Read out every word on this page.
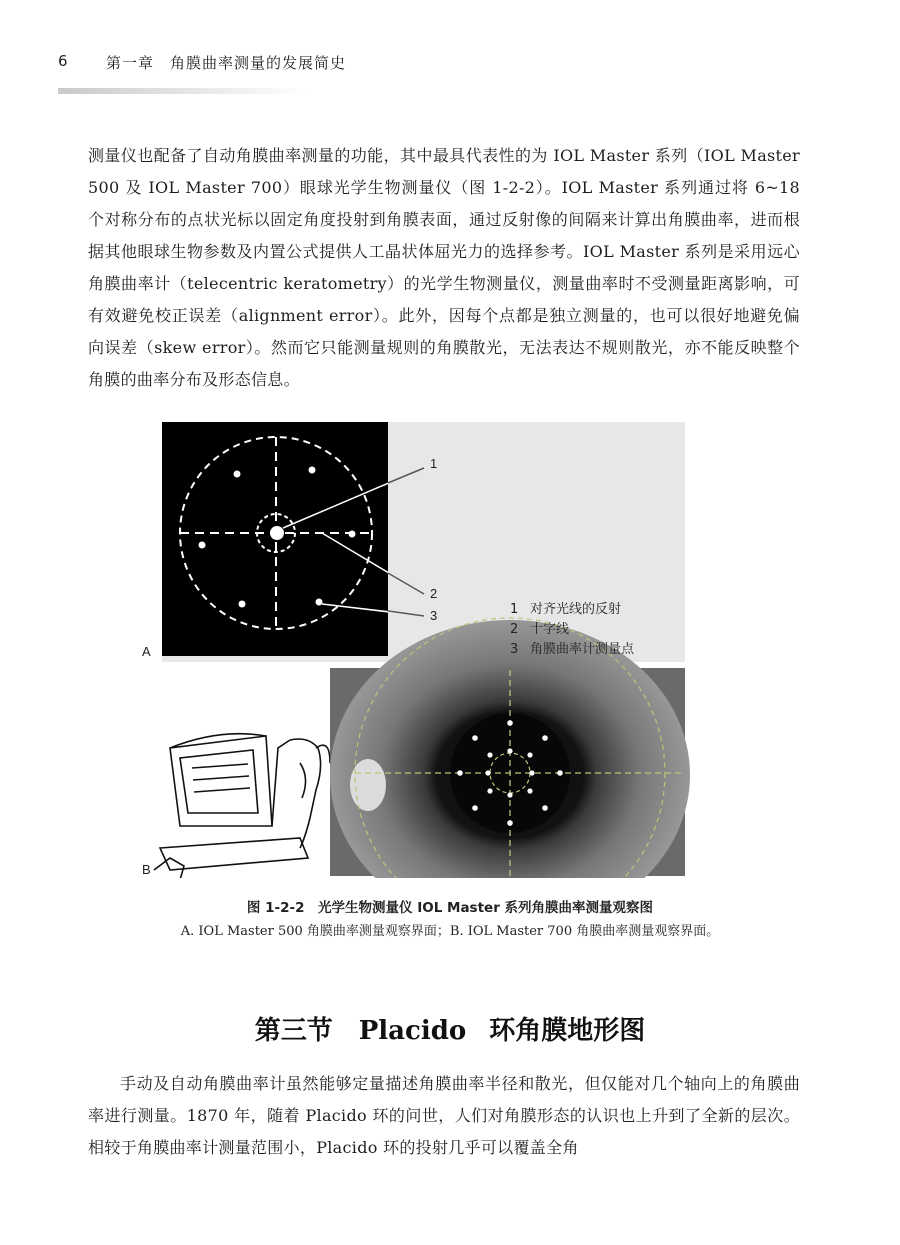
6	第一章　角膜曲率测量的发展简史

测量仪也配备了自动角膜曲率测量的功能，其中最具代表性的为 IOL Master 系列（IOL Master 500 及 IOL Master 700）眼球光学生物测量仪（图 1-2-2）。IOL Master 系列通过将 6~18 个对称分布的点状光标以固定角度投射到角膜表面，通过反射像的间隔来计算出角膜曲率，进而根据其他眼球生物参数及内置公式提供人工晶状体屈光力的选择参考。IOL Master 系列是采用远心角膜曲率计（telecentric keratometry）的光学生物测量仪，测量曲率时不受测量距离影响，可有效避免校正误差（alignment error）。此外，因每个点都是独立测量的，也可以很好地避免偏向误差（skew error）。然而它只能测量规则的角膜散光，无法表达不规则散光，亦不能反映整个角膜的曲率分布及形态信息。

1
2
3	1 对齐光线的反射
2 十字线
3 角膜曲率计测量点
A
B
图 1-2-2　光学生物测量仪 IOL Master 系列角膜曲率测量观察图
A. IOL Master 500 角膜曲率测量观察界面；B. IOL Master 700 角膜曲率测量观察界面。
第三节　Placido 环角膜地形图

手动及自动角膜曲率计虽然能够定量描述角膜曲率半径和散光，但仅能对几个轴向上的角膜曲率进行测量。1870 年，随着 Placido 环的问世，人们对角膜形态的认识也上升到了全新的层次。相较于角膜曲率计测量范围小，Placido 环的投射几乎可以覆盖全角
